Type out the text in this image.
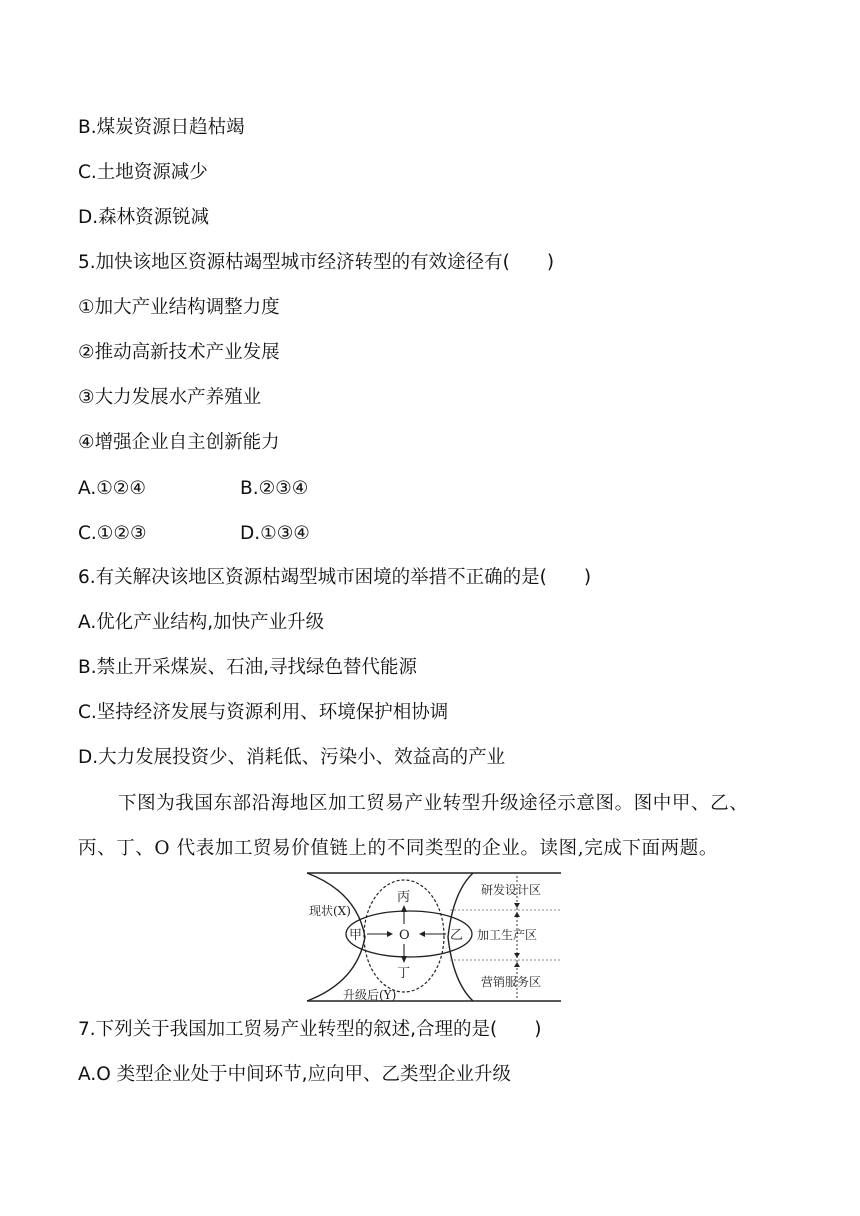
B.煤炭资源日趋枯竭
C.土地资源减少
D.森林资源锐减
5.加快该地区资源枯竭型城市经济转型的有效途径有(　　)
①加大产业结构调整力度
②推动高新技术产业发展
③大力发展水产养殖业
④增强企业自主创新能力
A.①②④	B.②③④
C.①②③	D.①③④
6.有关解决该地区资源枯竭型城市困境的举措不正确的是(　　)
A.优化产业结构,加快产业升级
B.禁止开采煤炭、石油,寻找绿色替代能源
C.坚持经济发展与资源利用、环境保护相协调
D.大力发展投资少、消耗低、污染小、效益高的产业
下图为我国东部沿海地区加工贸易产业转型升级途径示意图。图中甲、乙、
丙、丁、O 代表加工贸易价值链上的不同类型的企业。读图,完成下面两题。
现状(X)
升级后(Y)
甲	乙
丙
丁
O
研发设计区
加工生产区
营销服务区
7.下列关于我国加工贸易产业转型的叙述,合理的是(　　)
A.O 类型企业处于中间环节,应向甲、乙类型企业升级
